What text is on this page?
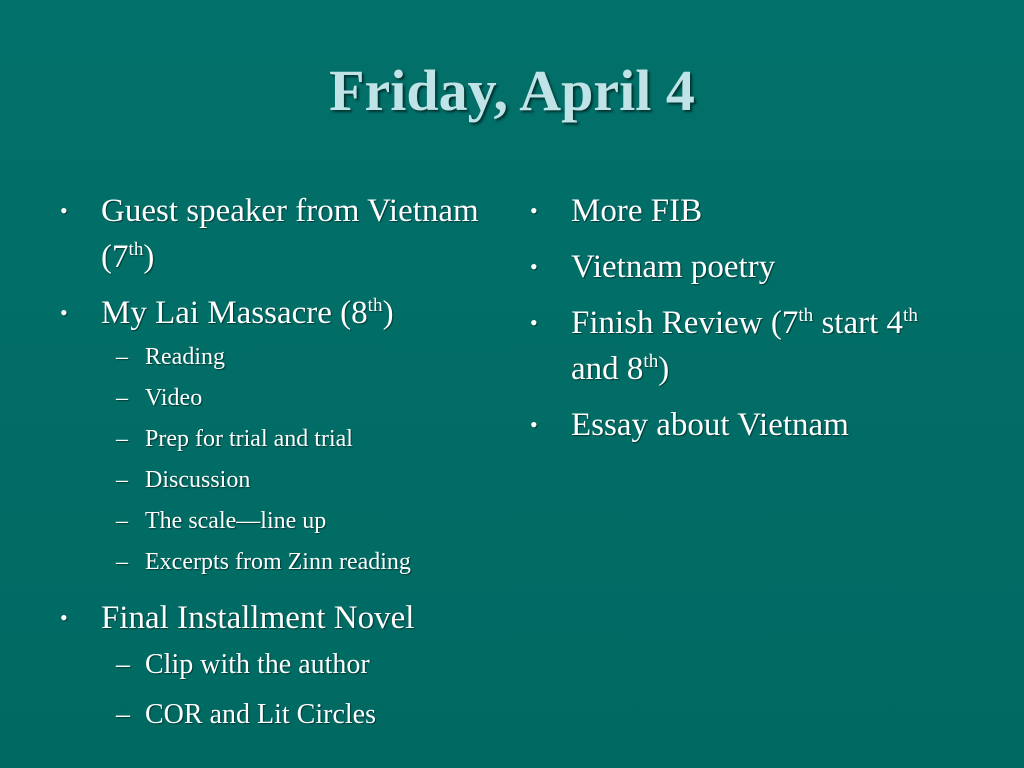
Friday, April 4
• Guest speaker from Vietnam (7th)
• My Lai Massacre (8th)
– Reading
– Video
– Prep for trial and trial
– Discussion
– The scale—line up
– Excerpts from Zinn reading
• Final Installment Novel
– Clip with the author
– COR and Lit Circles
• More FIB
• Vietnam poetry
• Finish Review (7th start 4th and 8th)
• Essay about Vietnam
